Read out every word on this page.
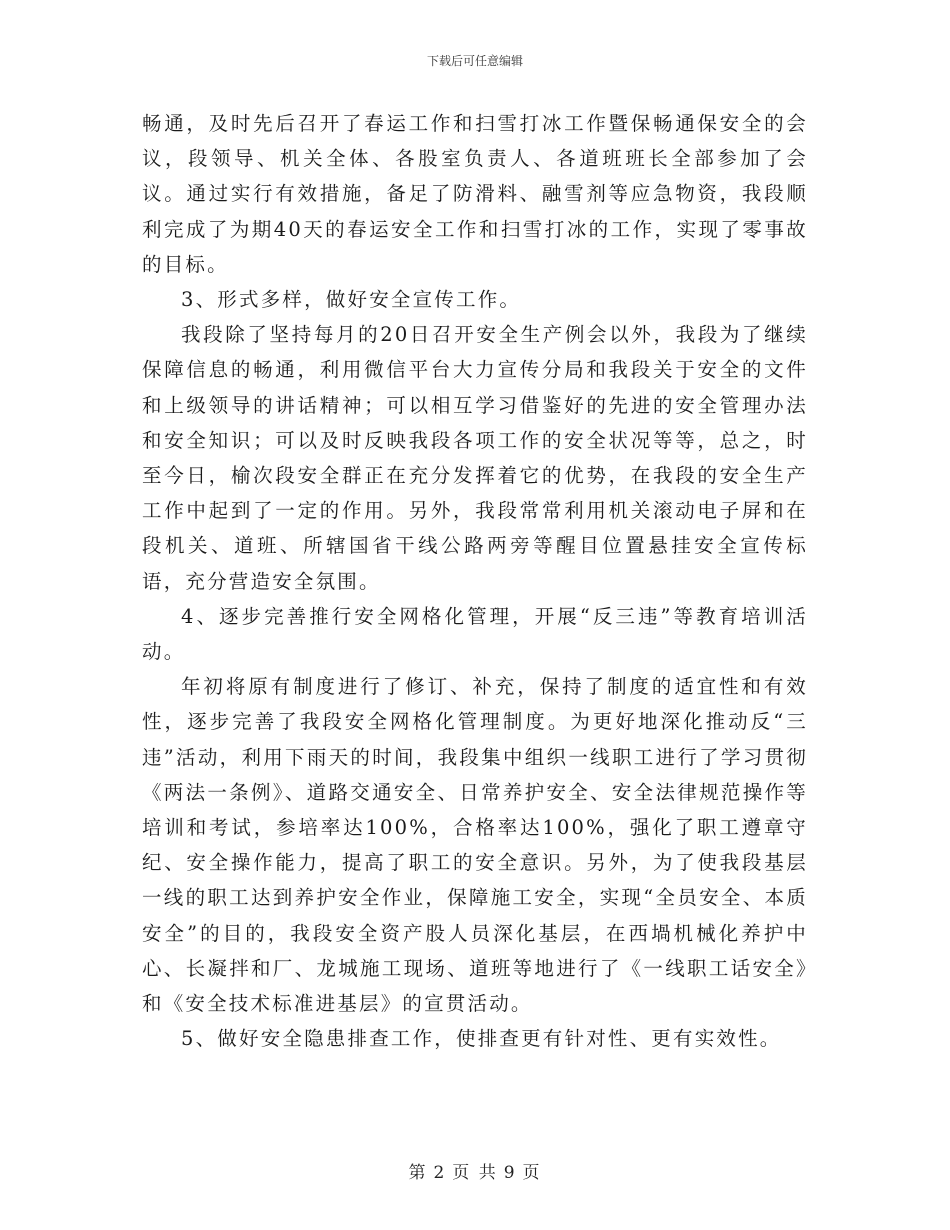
下载后可任意编辑

畅通，及时先后召开了春运工作和扫雪打冰工作暨保畅通保安全的会议，段领导、机关全体、各股室负责人、各道班班长全部参加了会议。通过实行有效措施，备足了防滑料、融雪剂等应急物资，我段顺利完成了为期40天的春运安全工作和扫雪打冰的工作，实现了零事故的目标。

3、形式多样，做好安全宣传工作。

我段除了坚持每月的20日召开安全生产例会以外，我段为了继续保障信息的畅通，利用微信平台大力宣传分局和我段关于安全的文件和上级领导的讲话精神；可以相互学习借鉴好的先进的安全管理办法和安全知识；可以及时反映我段各项工作的安全状况等等，总之，时至今日，榆次段安全群正在充分发挥着它的优势，在我段的安全生产工作中起到了一定的作用。另外，我段常常利用机关滚动电子屏和在段机关、道班、所辖国省干线公路两旁等醒目位置悬挂安全宣传标语，充分营造安全氛围。

4、逐步完善推行安全网格化管理，开展“反三违”等教育培训活动。

年初将原有制度进行了修订、补充，保持了制度的适宜性和有效性，逐步完善了我段安全网格化管理制度。为更好地深化推动反“三违”活动，利用下雨天的时间，我段集中组织一线职工进行了学习贯彻《两法一条例》、道路交通安全、日常养护安全、安全法律规范操作等培训和考试，参培率达100%，合格率达100%，强化了职工遵章守纪、安全操作能力，提高了职工的安全意识。另外，为了使我段基层一线的职工达到养护安全作业，保障施工安全，实现“全员安全、本质安全”的目的，我段安全资产股人员深化基层，在西堝机械化养护中心、长凝拌和厂、龙城施工现场、道班等地进行了《一线职工话安全》和《安全技术标准进基层》的宣贯活动。

5、做好安全隐患排查工作，使排查更有针对性、更有实效性。

第 2 页 共 9 页
